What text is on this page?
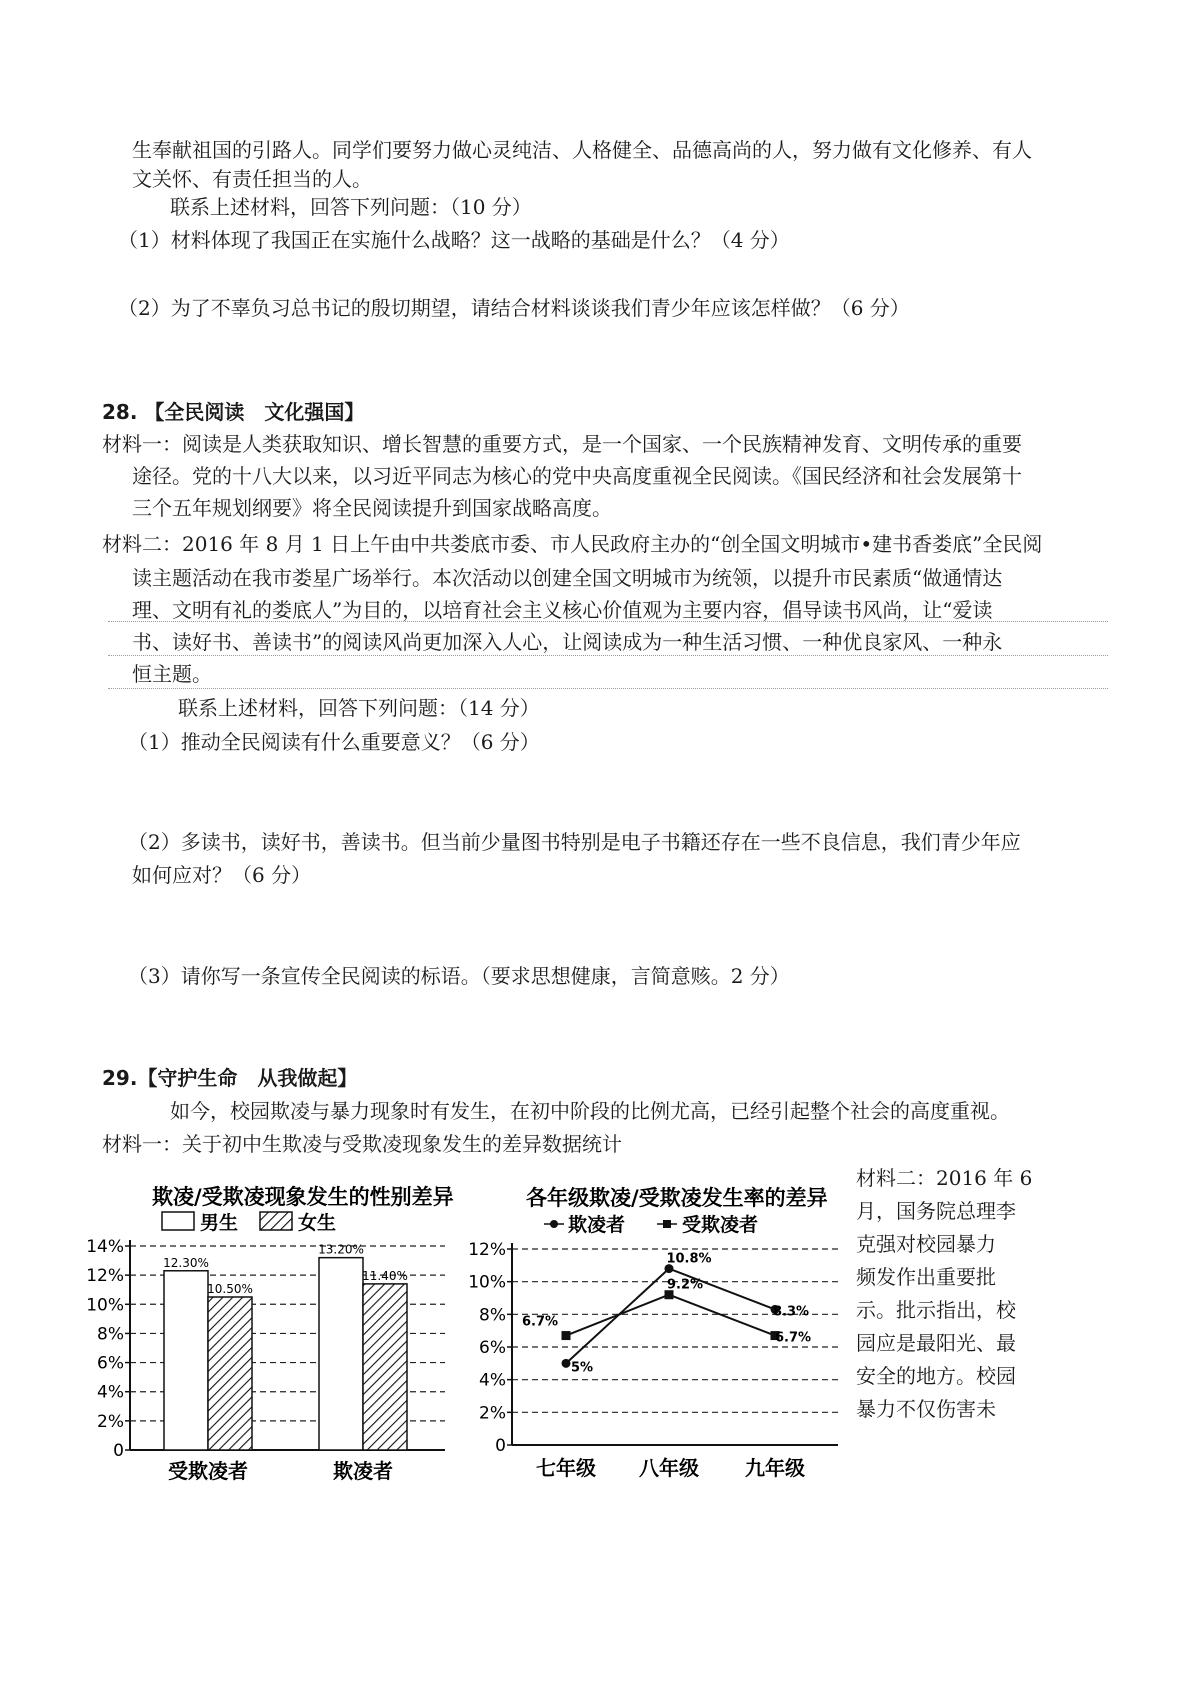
生奉献祖国的引路人。同学们要努力做心灵纯洁、人格健全、品德高尚的人，努力做有文化修养、有人
文关怀、有责任担当的人。
联系上述材料，回答下列问题：（10 分）
（1）材料体现了我国正在实施什么战略？这一战略的基础是什么？（4 分）
（2）为了不辜负习总书记的殷切期望，请结合材料谈谈我们青少年应该怎样做？（6 分）
28. 【全民阅读　文化强国】
材料一：阅读是人类获取知识、增长智慧的重要方式，是一个国家、一个民族精神发育、文明传承的重要
途径。党的十八大以来，以习近平同志为核心的党中央高度重视全民阅读。《国民经济和社会发展第十
三个五年规划纲要》将全民阅读提升到国家战略高度。
材料二：2016 年 8 月 1 日上午由中共娄底市委、市人民政府主办的“创全国文明城市•建书香娄底”全民阅
读主题活动在我市娄星广场举行。本次活动以创建全国文明城市为统领，以提升市民素质“做通情达
理、文明有礼的娄底人”为目的，以培育社会主义核心价值观为主要内容，倡导读书风尚，让“爱读
书、读好书、善读书”的阅读风尚更加深入人心，让阅读成为一种生活习惯、一种优良家风、一种永
恒主题。
联系上述材料，回答下列问题：（14 分）
（1）推动全民阅读有什么重要意义？（6 分）
（2）多读书，读好书，善读书。但当前少量图书特别是电子书籍还存在一些不良信息，我们青少年应
如何应对？（6 分）
（3）请你写一条宣传全民阅读的标语。（要求思想健康，言简意赅。2 分）
29.【守护生命　从我做起】
如今，校园欺凌与暴力现象时有发生，在初中阶段的比例尤高，已经引起整个社会的高度重视。
材料一：关于初中生欺凌与受欺凌现象发生的差异数据统计
材料二：2016 年 6
月，国务院总理李
克强对校园暴力
频发作出重要批
示。批示指出，校
园应是最阳光、最
安全的地方。校园
暴力不仅伤害未
欺凌/受欺凌现象发生的性别差异
男生	女生
0
2%
4%
6%
8%
10%
12%
14%
12.30%
10.50%
受欺凌者
13.20%
11.40%
欺凌者
各年级欺凌/受欺凌发生率的差异
欺凌者	受欺凌者
0
2%
4%
6%
8%
10%
12%
七年级 八年级 九年级
5%
10.8%
8.3%
6.7%
9.2%
6.7%
